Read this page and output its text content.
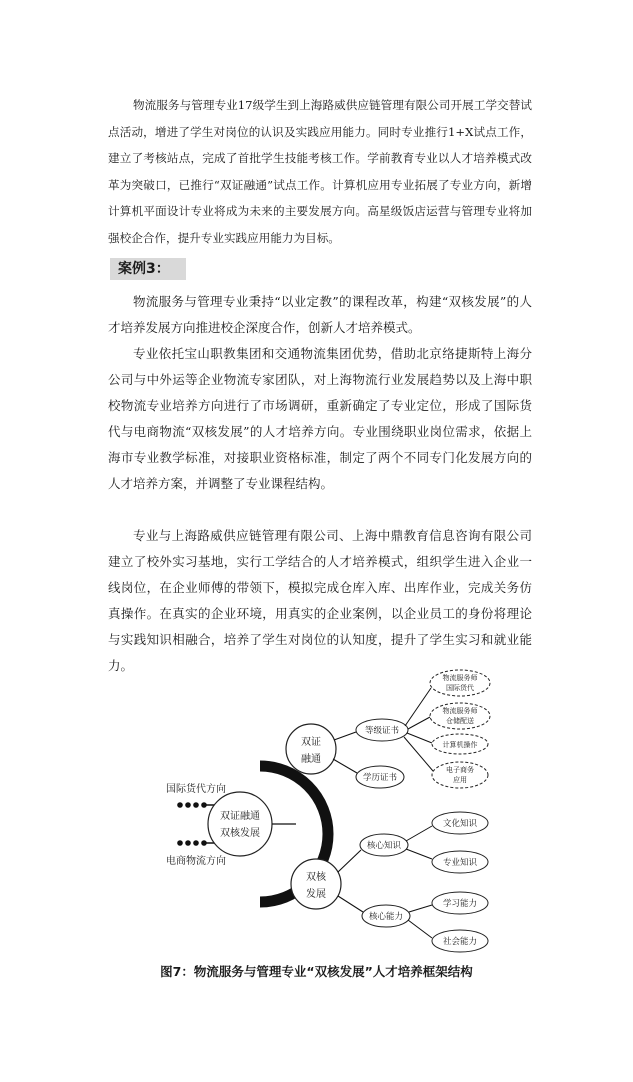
物流服务与管理专业17级学生到上海路威供应链管理有限公司开展工学交替试点活动，增进了学生对岗位的认识及实践应用能力。同时专业推行1+X试点工作，建立了考核站点，完成了首批学生技能考核工作。学前教育专业以人才培养模式改革为突破口，已推行“双证融通”试点工作。计算机应用专业拓展了专业方向，新增计算机平面设计专业将成为未来的主要发展方向。高星级饭店运营与管理专业将加强校企合作，提升专业实践应用能力为目标。

案例3：

物流服务与管理专业秉持“以业定教”的课程改革，构建“双核发展”的人才培养发展方向推进校企深度合作，创新人才培养模式。

专业依托宝山职教集团和交通物流集团优势，借助北京络捷斯特上海分公司与中外运等企业物流专家团队，对上海物流行业发展趋势以及上海中职校物流专业培养方向进行了市场调研，重新确定了专业定位，形成了国际货代与电商物流“双核发展”的人才培养方向。专业围绕职业岗位需求，依据上海市专业教学标准，对接职业资格标准，制定了两个不同专门化发展方向的人才培养方案，并调整了专业课程结构。

专业与上海路威供应链管理有限公司、上海中鼎教育信息咨询有限公司建立了校外实习基地，实行工学结合的人才培养模式，组织学生进入企业一线岗位，在企业师傅的带领下，模拟完成仓库入库、出库作业，完成关务仿真操作。在真实的企业环境，用真实的企业案例，以企业员工的身份将理论与实践知识相融合，培养了学生对岗位的认知度，提升了学生实习和就业能力。

国际货代方向
电商物流方向
双证融通
双核发展
双证
融通
双核
发展
等级证书
学历证书
核心知识
核心能力
物流服务师
国际货代
物流服务师
仓储配送
计算机操作
电子商务
应用
文化知识
专业知识
学习能力
社会能力
图7：物流服务与管理专业“双核发展”人才培养框架结构
